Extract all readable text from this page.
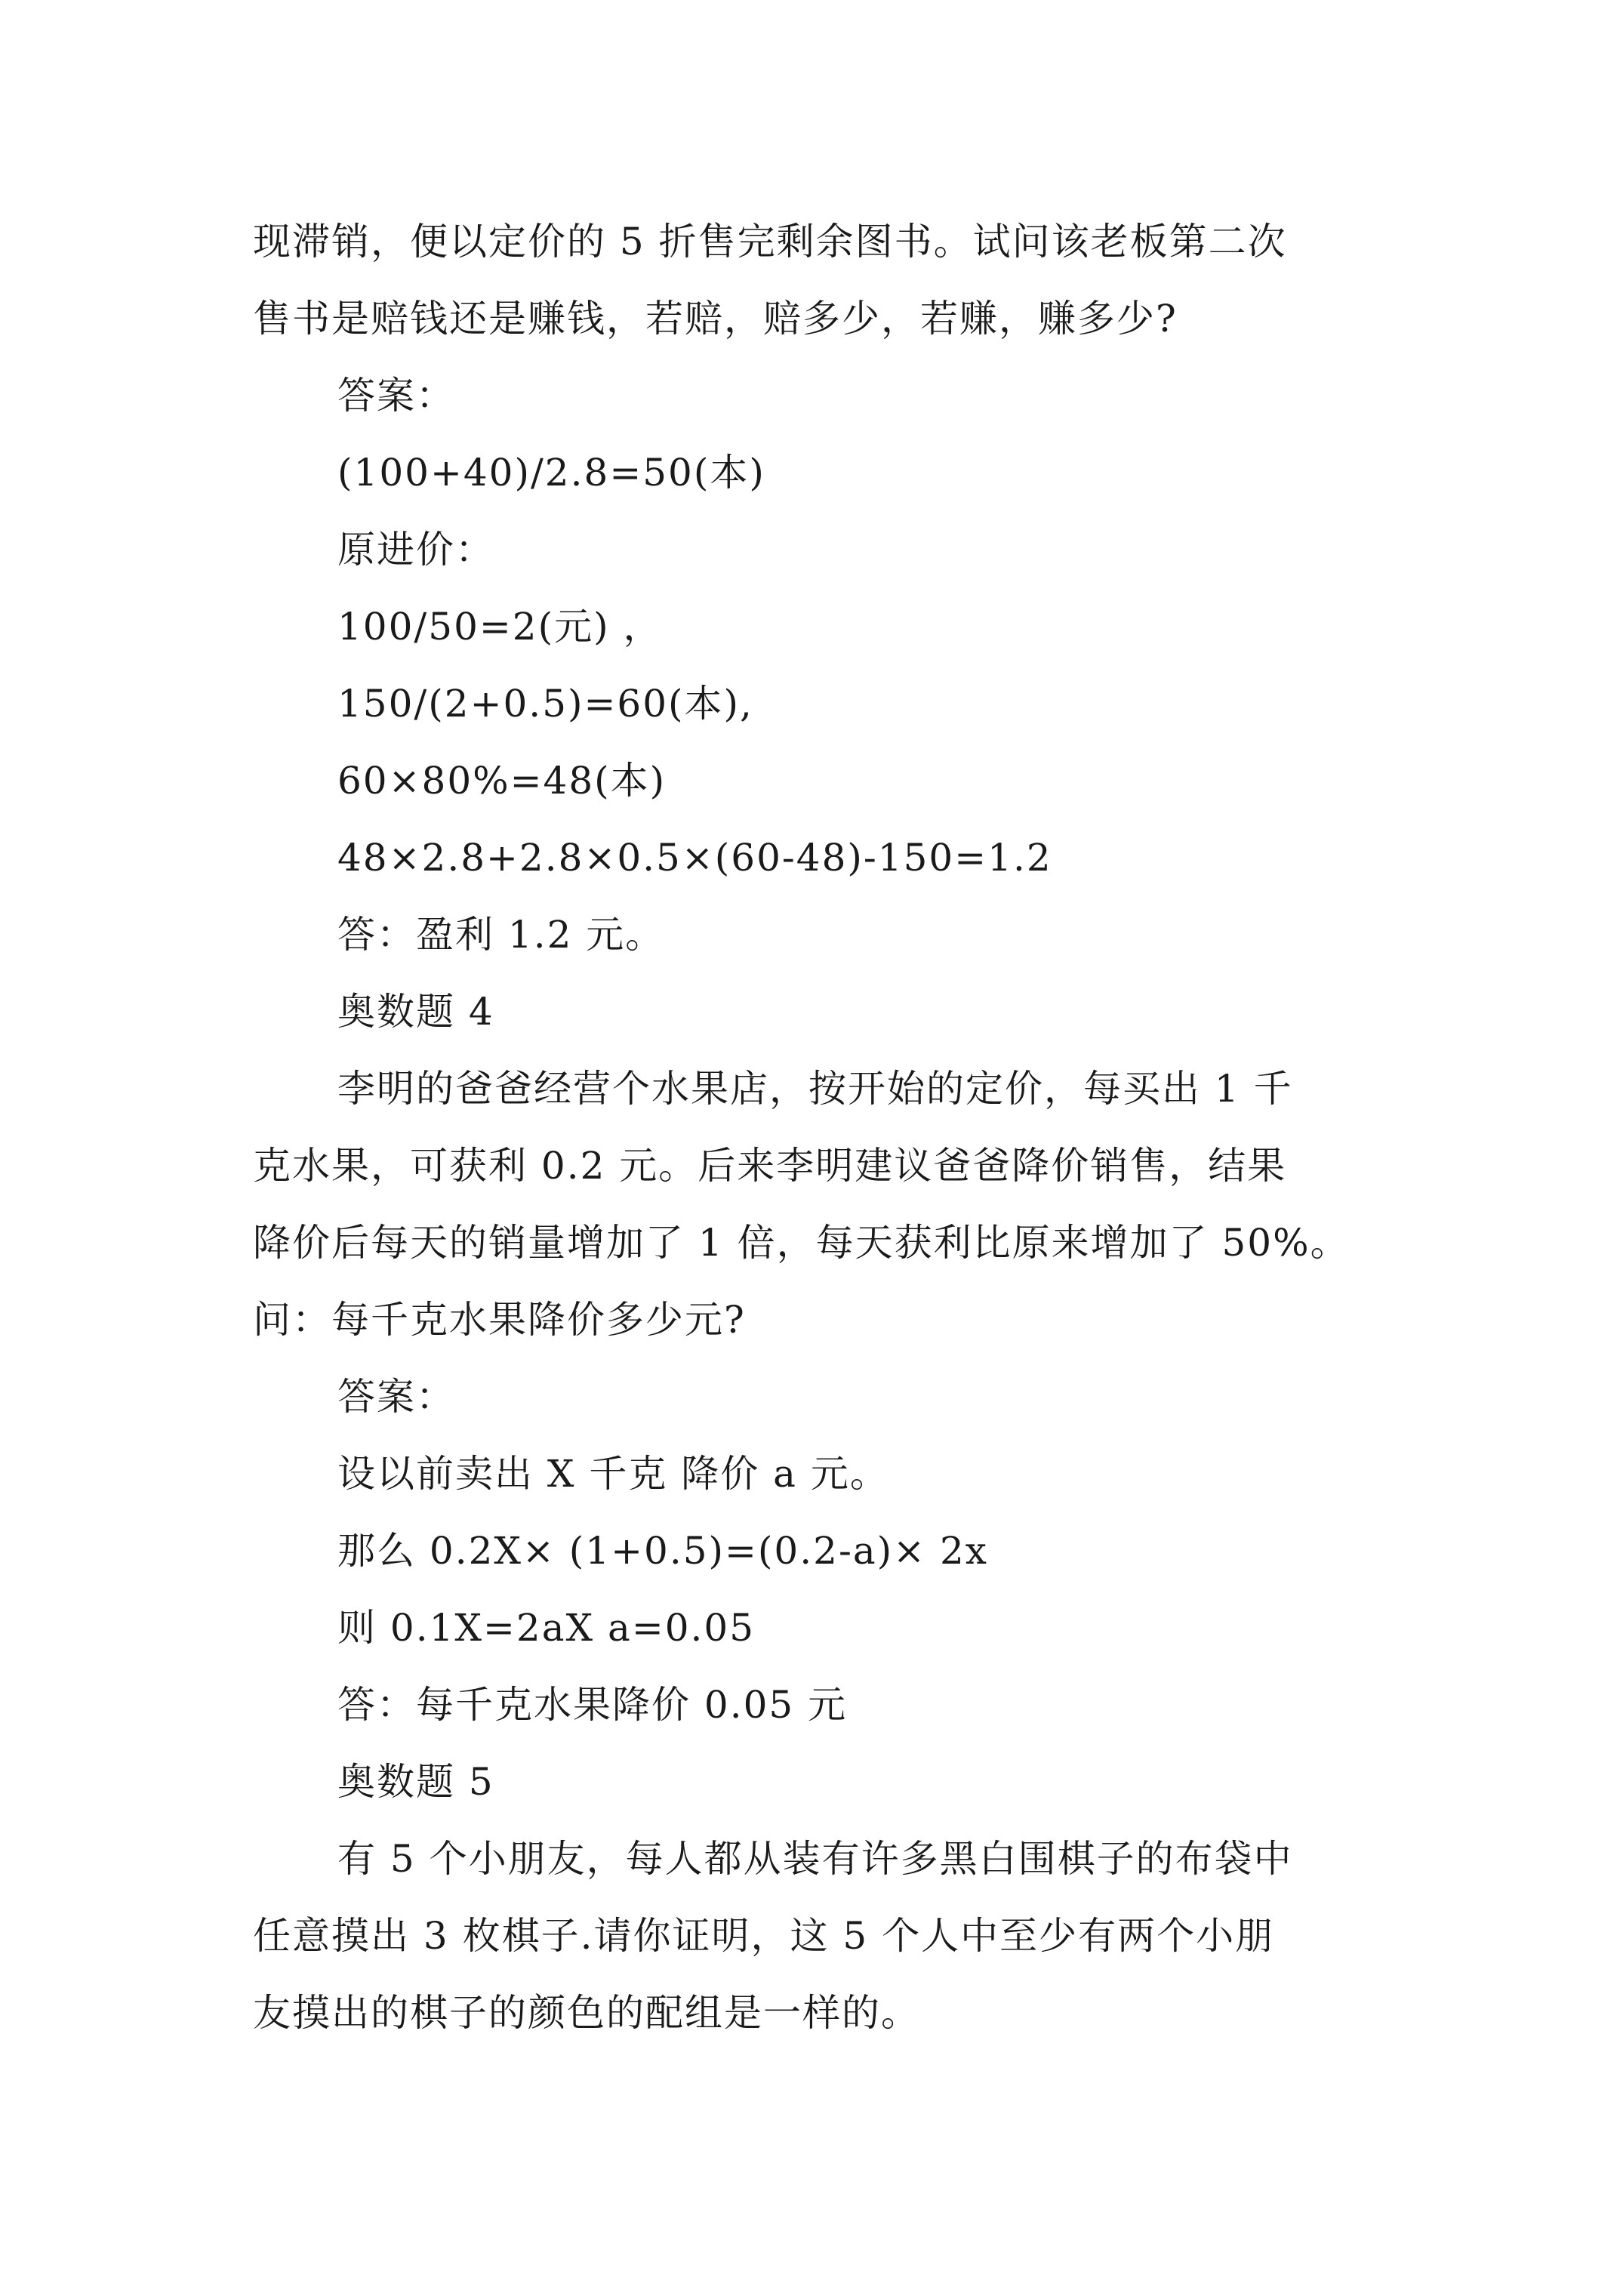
现滞销，便以定价的 5 折售完剩余图书。试问该老板第二次
售书是赔钱还是赚钱，若赔，赔多少，若赚，赚多少?
答案：
(100+40)/2.8=50(本)
原进价：
100/50=2(元) ，
150/(2+0.5)=60(本),
60×80%=48(本)
48×2.8+2.8×0.5×(60-48)-150=1.2
答：盈利 1.2 元。
奥数题 4
李明的爸爸经营个水果店，按开始的定价，每买出 1 千
克水果，可获利 0.2 元。后来李明建议爸爸降价销售，结果
降价后每天的销量增加了 1 倍，每天获利比原来增加了 50%。
问：每千克水果降价多少元?
答案：
设以前卖出 X 千克 降价 a 元。
那么 0.2X× (1+0.5)=(0.2-a)× 2x
则 0.1X=2aX a=0.05
答：每千克水果降价 0.05 元
奥数题 5
有 5 个小朋友，每人都从装有许多黑白围棋子的布袋中
任意摸出 3 枚棋子.请你证明，这 5 个人中至少有两个小朋
友摸出的棋子的颜色的配组是一样的。
